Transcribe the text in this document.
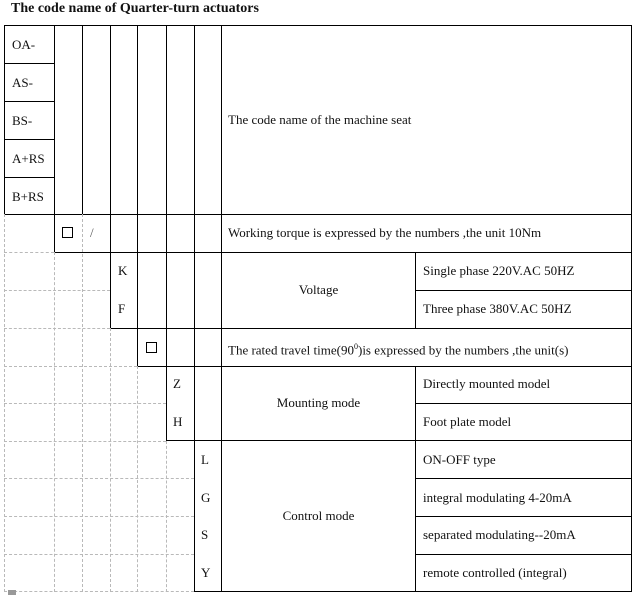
The code name of Quarter-turn actuators
OA-
AS-
BS-
A+RS
B+RS
The code name of the machine seat
/	Working torque is expressed by the numbers ,the unit 10Nm
K
F
Voltage
Single phase 220V.AC 50HZ
Three phase 380V.AC 50HZ
The rated travel $time(90^0)is$ expressed by the numbers ,the unit(s)
Z
H
Mounting mode
Directly mounted model
Foot plate model
L
G
S
Y
Control mode
ON-OFF type
integral modulating 4-20mA
separated modulating--20mA
remote controlled (integral)
